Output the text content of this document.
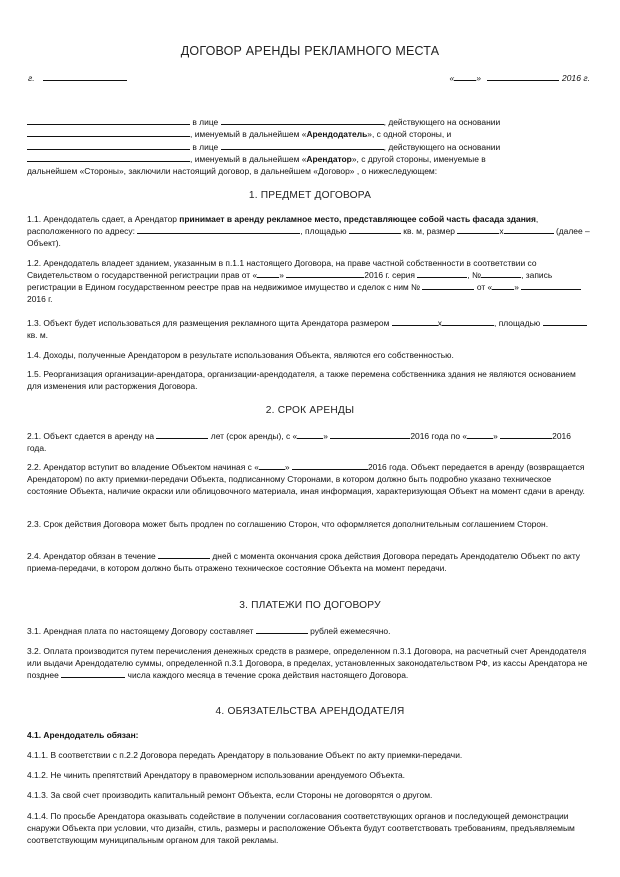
ДОГОВОР АРЕНДЫ РЕКЛАМНОГО МЕСТА
г.	«	»	2016 г.
в лице	, действующего на основании
, именуемый в дальнейшем «Арендодатель», с одной стороны, и
в лице	, действующего на основании
, именуемый в дальнейшем «Арендатор», с другой стороны, именуемые в
дальнейшем «Стороны», заключили настоящий договор, в дальнейшем «Договор» , о нижеследующем:
1. ПРЕДМЕТ ДОГОВОРА

1.1. Арендодатель сдает, а Арендатор принимает в аренду рекламное место, представляющее собой часть фасада здания, расположенного по адресу:	, площадью	кв. м, размер	х	(далее – Объект).

1.2. Арендодатель владеет зданием, указанным в п.1.1 настоящего Договора, на праве частной собственности в соответствии со Свидетельством о государственной регистрации прав от «	»	2016 г. серия	, №	, запись регистрации в Едином государственном реестре прав на недвижимое имущество и сделок с ним №	от «	» 2016 г.

1.3. Объект будет использоваться для размещения рекламного щита Арендатора размером	х	, площадью  кв. м.

1.4. Доходы, полученные Арендатором в результате использования Объекта, являются его собственностью.

1.5. Реорганизация организации-арендатора, организации-арендодателя, а также перемена собственника здания не являются основанием для изменения или расторжения Договора.

2. СРОК АРЕНДЫ

2.1. Объект сдается в аренду на	лет (срок аренды), с «	»	2016 года по «	»	2016 года.

2.2. Арендатор вступит во владение Объектом начиная с «	»	2016 года. Объект передается в аренду (возвращается Арендатором) по акту приемки-передачи Объекта, подписанному Сторонами, в котором должно быть подробно указано техническое состояние Объекта, наличие окраски или облицовочного материала, иная информация, характеризующая Объект на момент сдачи в аренду.

2.3. Срок действия Договора может быть продлен по соглашению Сторон, что оформляется дополнительным соглашением Сторон.

2.4. Арендатор обязан в течение	дней с момента окончания срока действия Договора передать Арендодателю Объект по акту приема-передачи, в котором должно быть отражено техническое состояние Объекта на момент передачи.

3. ПЛАТЕЖИ ПО ДОГОВОРУ

3.1. Арендная плата по настоящему Договору составляет	рублей ежемесячно.

3.2. Оплата производится путем перечисления денежных средств в размере, определенном п.3.1 Договора, на расчетный счет Арендодателя или выдачи Арендодателю суммы, определенной п.3.1 Договора, в пределах, установленных законодательством РФ, из кассы Арендатора не позднее	числа каждого месяца в течение срока действия настоящего Договора.

4. ОБЯЗАТЕЛЬСТВА АРЕНДОДАТЕЛЯ

4.1. Арендодатель обязан:

4.1.1. В соответствии с п.2.2 Договора передать Арендатору в пользование Объект по акту приемки-передачи.

4.1.2. Не чинить препятствий Арендатору в правомерном использовании арендуемого Объекта.

4.1.3. За свой счет производить капитальный ремонт Объекта, если Стороны не договорятся о другом.

4.1.4. По просьбе Арендатора оказывать содействие в получении согласования соответствующих органов и последующей демонстрации снаружи Объекта при условии, что дизайн, стиль, размеры и расположение Объекта будут соответствовать требованиям, предъявляемым соответствующим муниципальным органом для такой рекламы.
